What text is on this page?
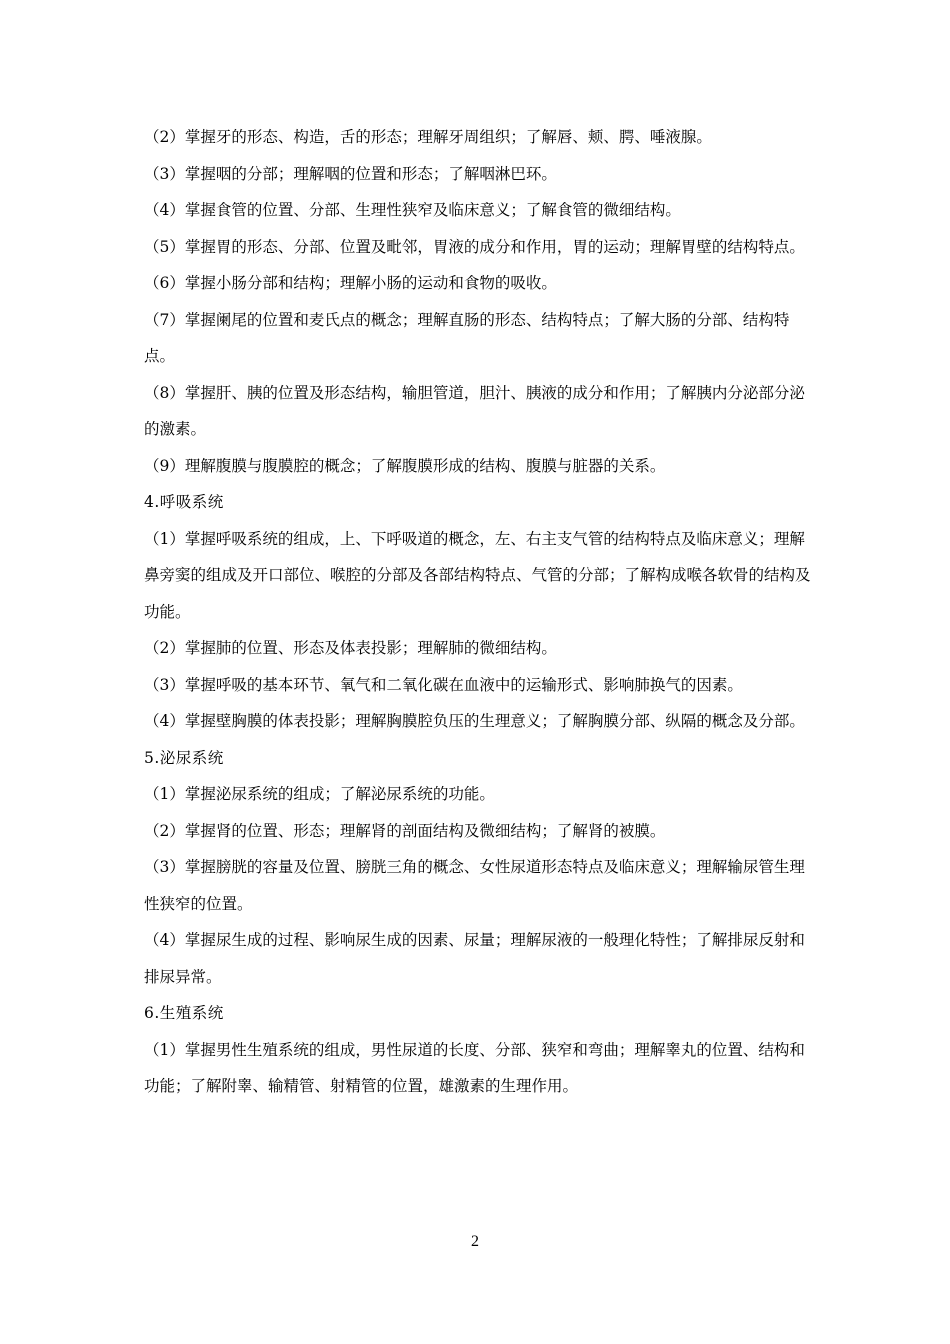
（2）掌握牙的形态、构造，舌的形态；理解牙周组织；了解唇、颊、腭、唾液腺。

（3）掌握咽的分部；理解咽的位置和形态；了解咽淋巴环。

（4）掌握食管的位置、分部、生理性狭窄及临床意义；了解食管的微细结构。

（5）掌握胃的形态、分部、位置及毗邻，胃液的成分和作用，胃的运动；理解胃壁的结构特点。

（6）掌握小肠分部和结构；理解小肠的运动和食物的吸收。

（7）掌握阑尾的位置和麦氏点的概念；理解直肠的形态、结构特点；了解大肠的分部、结构特点。

（8）掌握肝、胰的位置及形态结构，输胆管道，胆汁、胰液的成分和作用；了解胰内分泌部分泌的激素。

（9）理解腹膜与腹膜腔的概念；了解腹膜形成的结构、腹膜与脏器的关系。

4.呼吸系统

（1）掌握呼吸系统的组成，上、下呼吸道的概念，左、右主支气管的结构特点及临床意义；理解鼻旁窦的组成及开口部位、喉腔的分部及各部结构特点、气管的分部；了解构成喉各软骨的结构及功能。

（2）掌握肺的位置、形态及体表投影；理解肺的微细结构。

（3）掌握呼吸的基本环节、氧气和二氧化碳在血液中的运输形式、影响肺换气的因素。

（4）掌握壁胸膜的体表投影；理解胸膜腔负压的生理意义；了解胸膜分部、纵隔的概念及分部。

5.泌尿系统

（1）掌握泌尿系统的组成；了解泌尿系统的功能。

（2）掌握肾的位置、形态；理解肾的剖面结构及微细结构；了解肾的被膜。

（3）掌握膀胱的容量及位置、膀胱三角的概念、女性尿道形态特点及临床意义；理解输尿管生理性狭窄的位置。

（4）掌握尿生成的过程、影响尿生成的因素、尿量；理解尿液的一般理化特性；了解排尿反射和排尿异常。

6.生殖系统

（1）掌握男性生殖系统的组成，男性尿道的长度、分部、狭窄和弯曲；理解睾丸的位置、结构和功能；了解附睾、输精管、射精管的位置，雄激素的生理作用。

2
